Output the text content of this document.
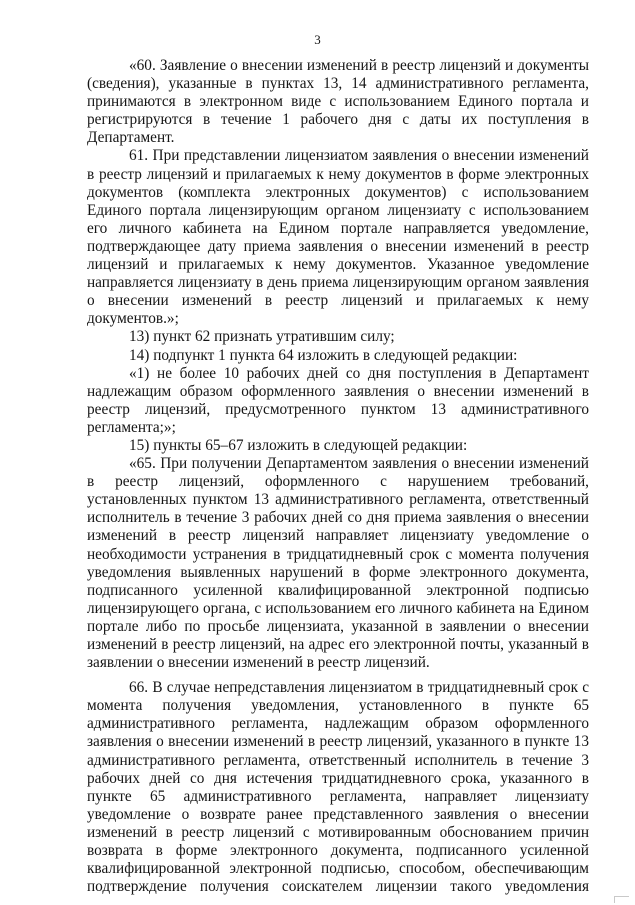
3

«60. Заявление о внесении изменений в реестр лицензий и документы (сведения), указанные в пунктах 13, 14 административного регламента, принимаются в электронном виде с использованием Единого портала и регистрируются в течение 1 рабочего дня с даты их поступления в Департамент.

61. При представлении лицензиатом заявления о внесении изменений в реестр лицензий и прилагаемых к нему документов в форме электронных документов (комплекта электронных документов) с использованием Единого портала лицензирующим органом лицензиату с использованием его личного кабинета на Едином портале направляется уведомление, подтверждающее дату приема заявления о внесении изменений в реестр лицензий и прилагаемых к нему документов. Указанное уведомление направляется лицензиату в день приема лицензирующим органом заявления о внесении изменений в реестр лицензий и прилагаемых к нему документов.»;

13) пункт 62 признать утратившим силу;

14) подпункт 1 пункта 64 изложить в следующей редакции:

«1) не более 10 рабочих дней со дня поступления в Департамент надлежащим образом оформленного заявления о внесении изменений в реестр лицензий, предусмотренного пунктом 13 административного регламента;»;

15) пункты 65–67 изложить в следующей редакции:

«65. При получении Департаментом заявления о внесении изменений в реестр лицензий, оформленного с нарушением требований, установленных пунктом 13 административного регламента, ответственный исполнитель в течение 3 рабочих дней со дня приема заявления о внесении изменений в реестр лицензий направляет лицензиату уведомление о необходимости устранения в тридцатидневный срок с момента получения уведомления выявленных нарушений в форме электронного документа, подписанного усиленной квалифицированной электронной подписью лицензирующего органа, с использованием его личного кабинета на Едином портале либо по просьбе лицензиата, указанной в заявлении о внесении изменений в реестр лицензий, на адрес его электронной почты, указанный в заявлении о внесении изменений в реестр лицензий.

66. В случае непредставления лицензиатом в тридцатидневный срок с момента получения уведомления, установленного в пункте 65 административного регламента, надлежащим образом оформленного заявления о внесении изменений в реестр лицензий, указанного в пункте 13 административного регламента, ответственный исполнитель в течение 3 рабочих дней со дня истечения тридцатидневного срока, указанного в пункте 65 административного регламента, направляет лицензиату уведомление о возврате ранее представленного заявления о внесении изменений в реестр лицензий с мотивированным обоснованием причин возврата в форме электронного документа, подписанного усиленной квалифицированной электронной подписью, способом, обеспечивающим подтверждение получения соискателем лицензии такого уведомления
